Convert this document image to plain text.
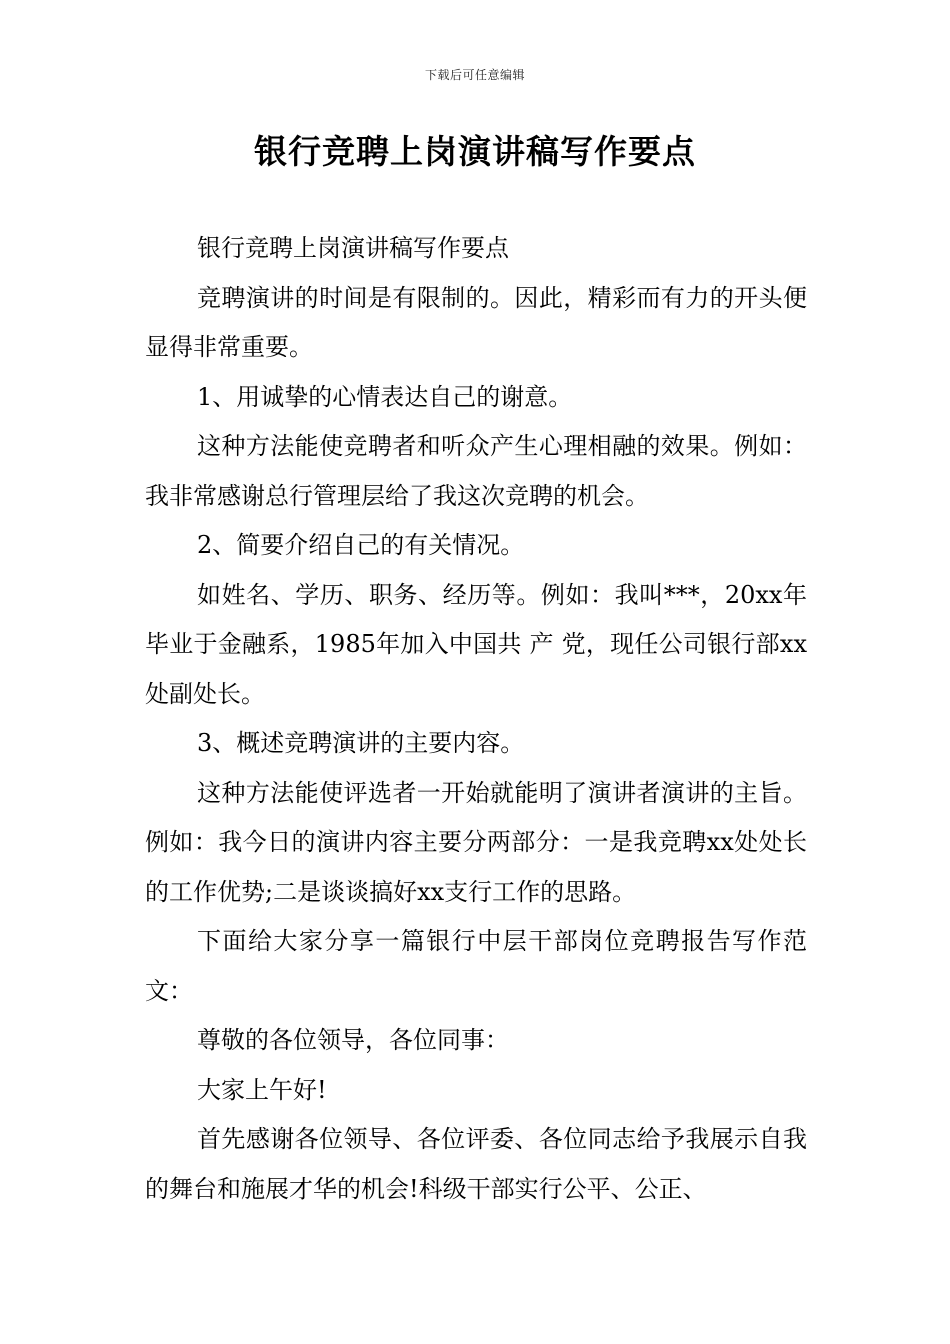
下载后可任意编辑
银行竞聘上岗演讲稿写作要点

银行竞聘上岗演讲稿写作要点

竞聘演讲的时间是有限制的。因此，精彩而有力的开头便显得非常重要。

1、用诚挚的心情表达自己的谢意。

这种方法能使竞聘者和听众产生心理相融的效果。例如：我非常感谢总行管理层给了我这次竞聘的机会。

2、简要介绍自己的有关情况。

如姓名、学历、职务、经历等。例如：我叫***，20xx年毕业于金融系，1985年加入中国共 产 党，现任公司银行部xx处副处长。

3、概述竞聘演讲的主要内容。

这种方法能使评选者一开始就能明了演讲者演讲的主旨。例如：我今日的演讲内容主要分两部分：一是我竞聘xx处处长的工作优势;二是谈谈搞好xx支行工作的思路。

下面给大家分享一篇银行中层干部岗位竞聘报告写作范文：

尊敬的各位领导，各位同事：

大家上午好!

首先感谢各位领导、各位评委、各位同志给予我展示自我的舞台和施展才华的机会!科级干部实行公平、公正、
